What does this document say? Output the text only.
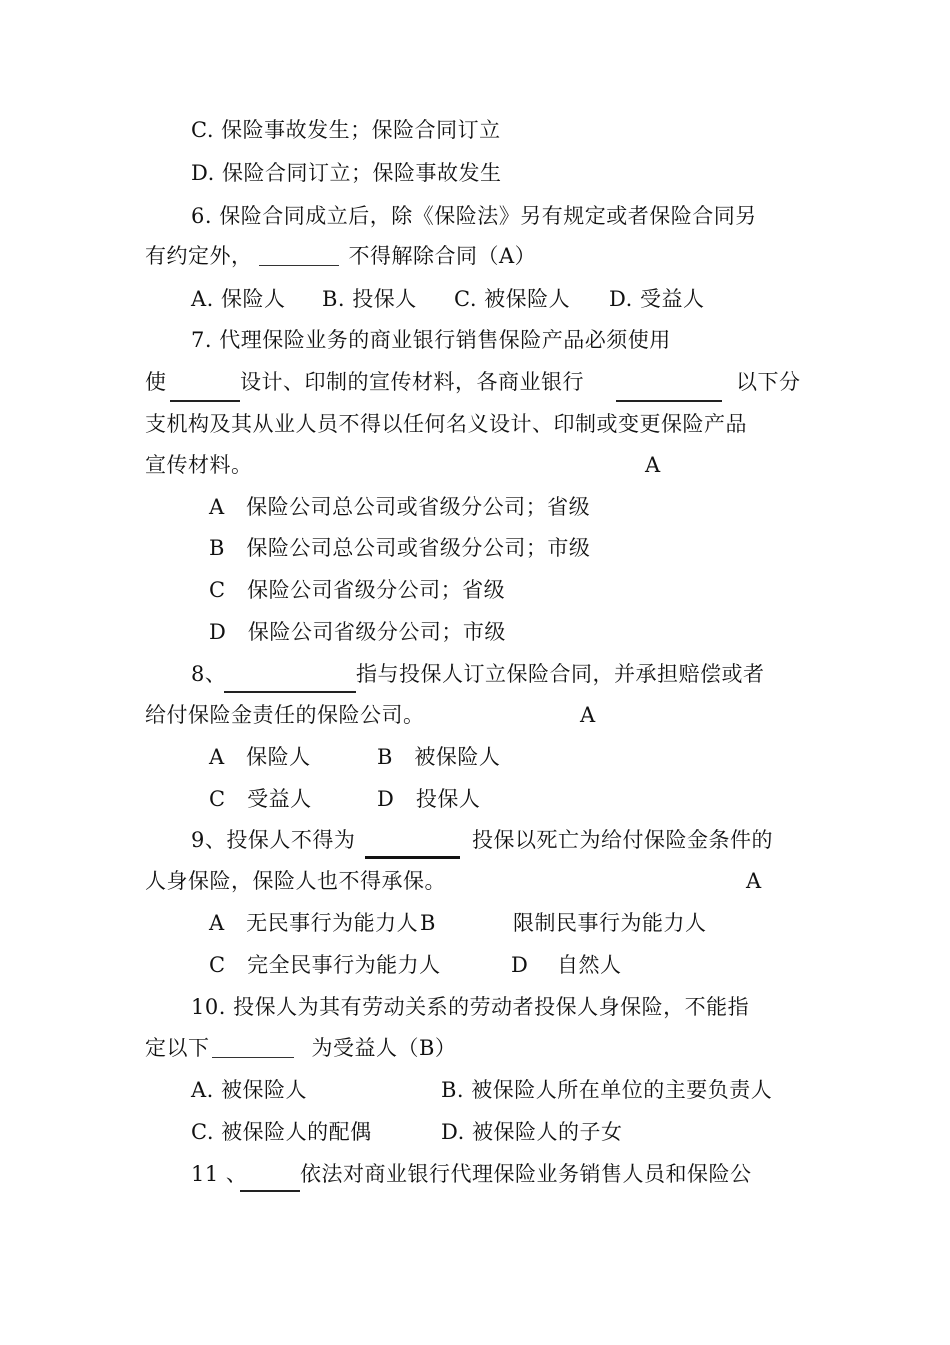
C. 保险事故发生；保险合同订立
D. 保险合同订立；保险事故发生
6. 保险合同成立后，除《保险法》另有规定或者保险合同另
有约定外，	不得解除合同（A）
A. 保险人 B. 投保人 C. 被保险人 D. 受益人
7. 代理保险业务的商业银行销售保险产品必须使用
使	设计、印制的宣传材料，各商业银行	以下分
支机构及其从业人员不得以任何名义设计、印制或变更保险产品
宣传材料。	A
A　保险公司总公司或省级分公司；省级
B　保险公司总公司或省级分公司；市级
C　保险公司省级分公司；省级
D　保险公司省级分公司；市级
8、	指与投保人订立保险合同，并承担赔偿或者
给付保险金责任的保险公司。	A
A　保险人	B　被保险人
C　受益人	D　投保人
9、投保人不得为	投保以死亡为给付保险金条件的
人身保险，保险人也不得承保。	A
A　无民事行为能力人 B	限制民事行为能力人
C　完全民事行为能力人	D　 自然人
10. 投保人为其有劳动关系的劳动者投保人身保险，不能指
定以下	为受益人（B）
A. 被保险人	B. 被保险人所在单位的主要负责人
C. 被保险人的配偶	D. 被保险人的子女
11 、	依法对商业银行代理保险业务销售人员和保险公
